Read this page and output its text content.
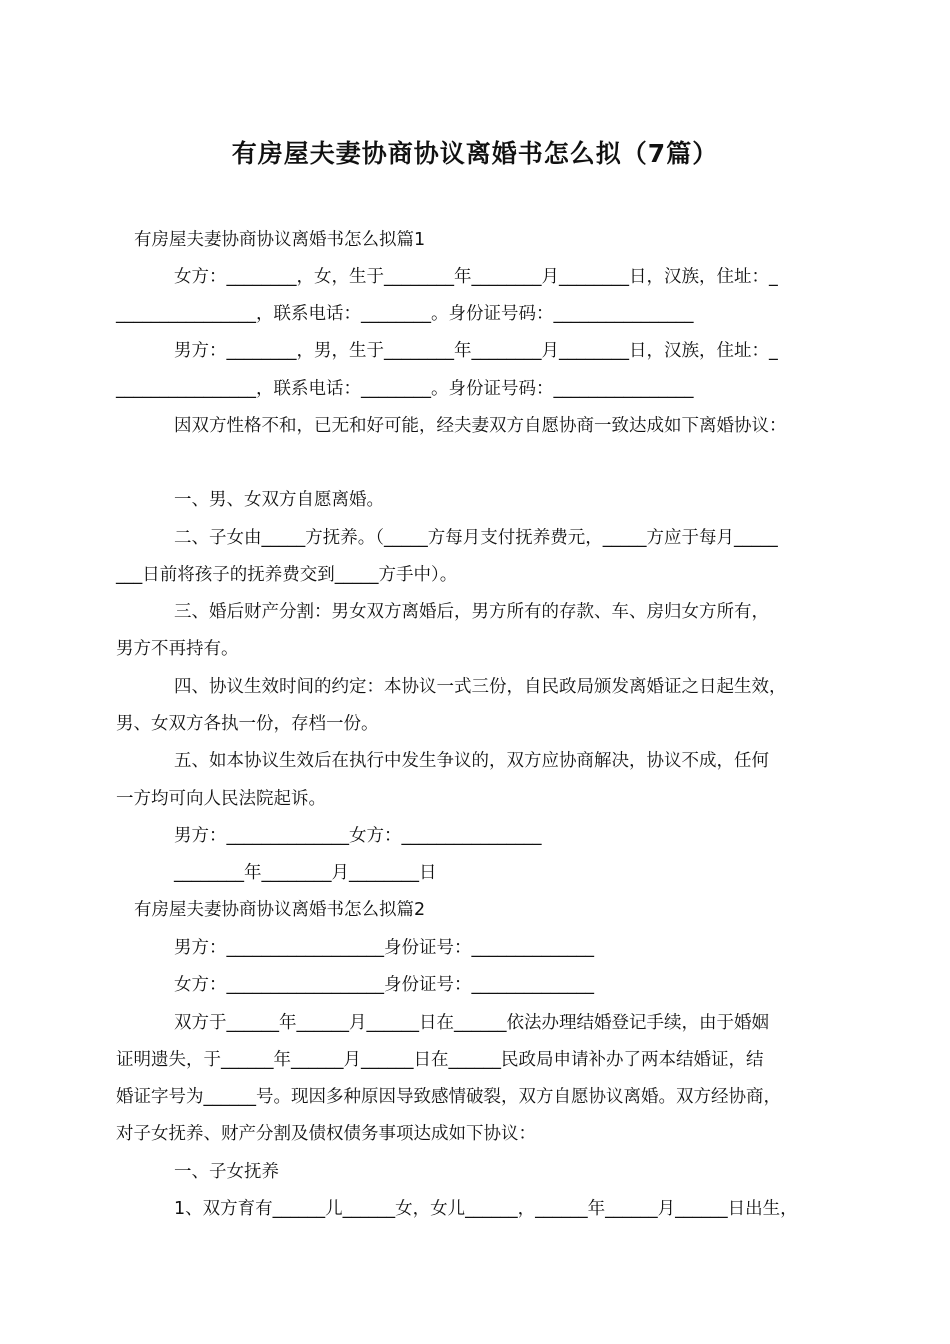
有房屋夫妻协商协议离婚书怎么拟（7篇）
有房屋夫妻协商协议离婚书怎么拟篇1
女方：________，女，生于________年________月________日，汉族，住址：_
________________，联系电话：________。身份证号码：________________
男方：________，男，生于________年________月________日，汉族，住址：_
________________，联系电话：________。身份证号码：________________
因双方性格不和，已无和好可能，经夫妻双方自愿协商一致达成如下离婚协议：
一、男、女双方自愿离婚。
二、子女由_____方抚养。（_____方每月支付抚养费元，_____方应于每月_____
___日前将孩子的抚养费交到_____方手中）。
三、婚后财产分割：男女双方离婚后，男方所有的存款、车、房归女方所有，
男方不再持有。
四、协议生效时间的约定：本协议一式三份，自民政局颁发离婚证之日起生效，
男、女双方各执一份，存档一份。
五、如本协议生效后在执行中发生争议的，双方应协商解决，协议不成，任何
一方均可向人民法院起诉。
男方：______________女方：________________
________年________月________日
有房屋夫妻协商协议离婚书怎么拟篇2
男方：__________________身份证号：______________
女方：__________________身份证号：______________
双方于______年______月______日在______依法办理结婚登记手续，由于婚姻
证明遗失，于______年______月______日在______民政局申请补办了两本结婚证，结
婚证字号为______号。现因多种原因导致感情破裂，双方自愿协议离婚。双方经协商，
对子女抚养、财产分割及债权债务事项达成如下协议：
一、子女抚养
1、双方育有______儿______女，女儿______，______年______月______日出生，
